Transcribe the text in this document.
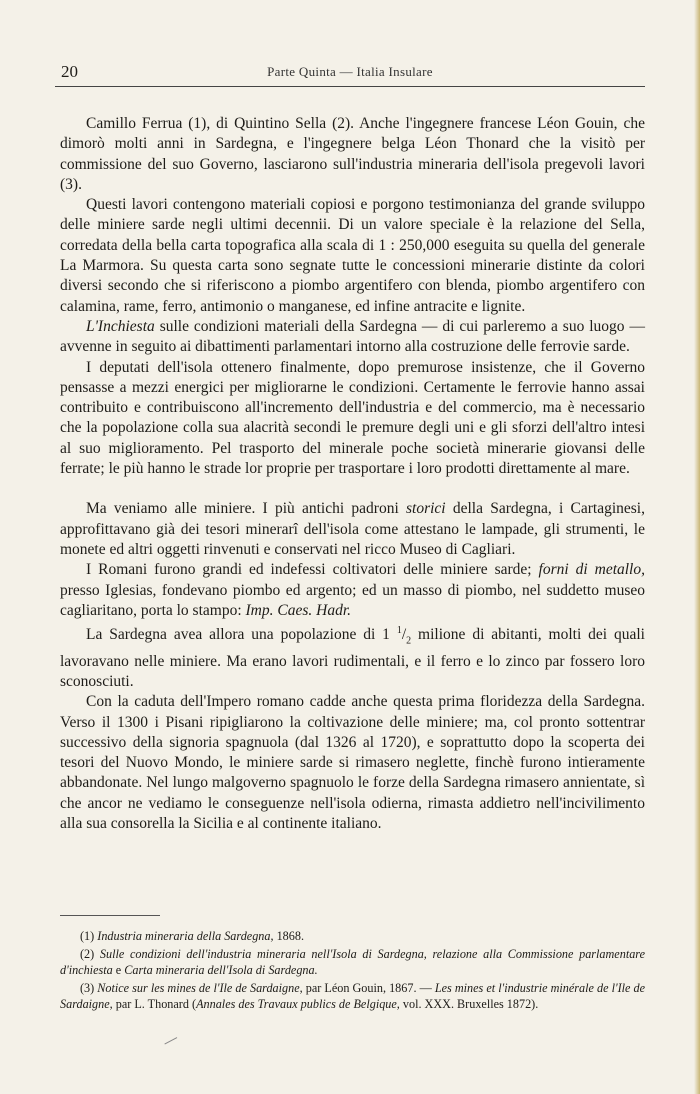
20	Parte Quinta — Italia Insulare

Camillo Ferrua (1), di Quintino Sella (2). Anche l'ingegnere francese Léon Gouin, che dimorò molti anni in Sardegna, e l'ingegnere belga Léon Thonard che la visitò per commissione del suo Governo, lasciarono sull'industria mineraria dell'isola pregevoli lavori (3).

Questi lavori contengono materiali copiosi e porgono testimonianza del grande sviluppo delle miniere sarde negli ultimi decennii. Di un valore speciale è la relazione del Sella, corredata della bella carta topografica alla scala di 1 : 250,000 eseguita su quella del generale La Marmora. Su questa carta sono segnate tutte le concessioni minerarie distinte da colori diversi secondo che si riferiscono a piombo argentifero con blenda, piombo argentifero con calamina, rame, ferro, antimonio o manganese, ed infine antracite e lignite.

L'Inchiesta sulle condizioni materiali della Sardegna — di cui parleremo a suo luogo — avvenne in seguito ai dibattimenti parlamentari intorno alla costruzione delle ferrovie sarde.

I deputati dell'isola ottenero finalmente, dopo premurose insistenze, che il Governo pensasse a mezzi energici per migliorarne le condizioni. Certamente le ferrovie hanno assai contribuito e contribuiscono all'incremento dell'industria e del commercio, ma è necessario che la popolazione colla sua alacrità secondi le premure degli uni e gli sforzi dell'altro intesi al suo miglioramento. Pel trasporto del minerale poche società minerarie giovansi delle ferrate; le più hanno le strade lor proprie per trasportare i loro prodotti direttamente al mare.

Ma veniamo alle miniere. I più antichi padroni storici della Sardegna, i Cartaginesi, approfittavano già dei tesori minerarî dell'isola come attestano le lampade, gli strumenti, le monete ed altri oggetti rinvenuti e conservati nel ricco Museo di Cagliari.

I Romani furono grandi ed indefessi coltivatori delle miniere sarde; forni di metallo, presso Iglesias, fondevano piombo ed argento; ed un masso di piombo, nel suddetto museo cagliaritano, porta lo stampo: Imp. Caes. Hadr.

La Sardegna avea allora una popolazione di 1 $^1/_2$ milione di abitanti, molti dei quali lavoravano nelle miniere. Ma erano lavori rudimentali, e il ferro e lo zinco par fossero loro sconosciuti.

Con la caduta dell'Impero romano cadde anche questa prima floridezza della Sardegna. Verso il 1300 i Pisani ripigliarono la coltivazione delle miniere; ma, col pronto sottentrar successivo della signoria spagnuola (dal 1326 al 1720), e soprattutto dopo la scoperta dei tesori del Nuovo Mondo, le miniere sarde si rimasero neglette, finchè furono intieramente abbandonate. Nel lungo malgoverno spagnuolo le forze della Sardegna rimasero annientate, sì che ancor ne vediamo le conseguenze nell'isola odierna, rimasta addietro nell'incivilimento alla sua consorella la Sicilia e al continente italiano.

(1) Industria mineraria della Sardegna, 1868.

(2) Sulle condizioni dell'industria mineraria nell'Isola di Sardegna, relazione alla Commissione parlamentare d'inchiesta e Carta mineraria dell'Isola di Sardegna.

(3) Notice sur les mines de l'Ile de Sardaigne, par Léon Gouin, 1867. — Les mines et l'industrie minérale de l'Ile de Sardaigne, par L. Thonard (Annales des Travaux publics de Belgique, vol. XXX. Bruxelles 1872).
